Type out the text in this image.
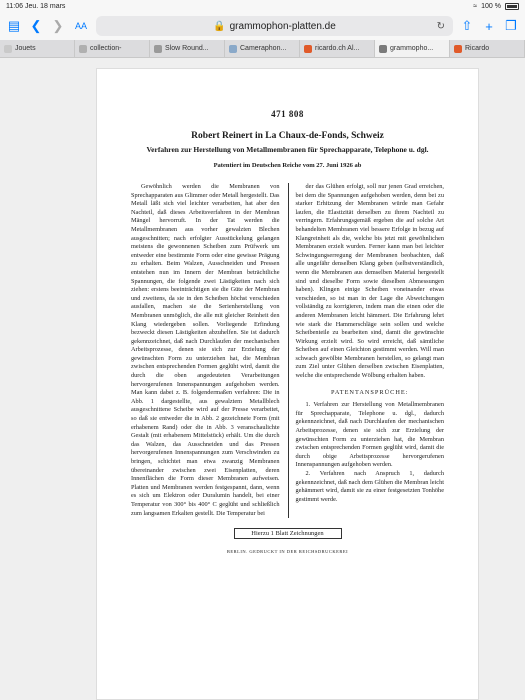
11:06 Jeu. 18 mars	≈ 100 %
▤ ❮ ❯	AA	🔒 grammophon-platten.de	↻ ⇧ + ❐
Jouets	collection-	Slow Round...	Cameraphon...	ricardo.ch Al...	grammopho...	Ricardo
471 808
Robert Reinert in La Chaux-de-Fonds, Schweiz
Verfahren zur Herstellung von Metallmembranen für Sprechapparate, Telephone u. dgl.
Patentiert im Deutschen Reiche vom 27. Juni 1926 ab

Gewöhnlich werden die Membranen von Sprechapparaten aus Glimmer oder Metall hergestellt. Das Metall läßt sich viel leichter verarbeiten, hat aber den Nachteil, daß dieses Arbeitsverfahren in der Membran Mängel hervorruft. In der Tat werden die Metallmembranen aus vorher gewalzten Blechen ausgeschnitten; nach erfolgter Ausstückelung gelangen meistens die gewonnenen Scheiben zum Prüfwerk um entweder eine bestimmte Form oder eine gewisse Prägung zu erhalten. Beim Walzen, Ausschneiden und Pressen entstehen nun im Innern der Membran beträchtliche Spannungen, die folgende zwei Lästigkeiten nach sich ziehen: erstens beeinträchtigen sie die Güte der Membran und zweitens, da sie in den Scheiben höchst verschieden ausfallen, machen sie die Serienherstellung von Membranen unmöglich, die alle mit gleicher Reinheit den Klang wiedergeben sollen. Vorliegende Erfindung bezweckt diesen Lästigkeiten abzuhelfen. Sie ist dadurch gekennzeichnet, daß nach Durchlaufen der mechanischen Arbeitsprozesse, denen sie sich zur Erzielung der gewünschten Form zu unterziehen hat, die Membran zwischen entsprechenden Formen geglüht wird, damit die durch die oben angedeuteten Verarbeitungen hervorgerufenen Innenspannungen aufgehoben werden. Man kann dabei z. B. folgendermaßen verfahren: Die in Abb. 1 dargestellte, aus gewalztem Metallblech ausgeschnittene Scheibe wird auf der Presse verarbeitet, so daß sie entweder die in Abb. 2 gezeichnete Form (mit erhabenem Rand) oder die in Abb. 3 veranschaulichte Gestalt (mit erhabenem Mittelstück) erhält. Um die durch das Walzen, das Ausschneiden und das Pressen hervorgerufenen Innenspannungen zum Verschwinden zu bringen, schichtet man etwa zwanzig Membranen übereinander zwischen zwei Eisenplatten, deren Innenflächen die Form dieser Membranen aufweisen. Platten und Membranen werden festgespannt, dann, wenn es sich um Elektron oder Duralumin handelt, bei einer Temperatur von 300° bis 400° C geglüht und schließlich zum langsamen Erkalten gestellt. Die Temperatur bei

der das Glühen erfolgt, soll nur jenen Grad erreichen, bei dem die Spannungen aufgehoben werden, denn bei zu starker Erhitzung der Membranen würde man Gefahr laufen, die Elastizität derselben zu ihrem Nachteil zu verringern. Erfahrungsgemäß ergeben die auf solche Art behandelten Membranen viel bessere Erfolge in bezug auf Klangreinheit als die, welche bis jetzt mit gewöhnlichen Membranen erzielt wurden. Ferner kann man bei leichter Schwingungserregung der Membranen beobachten, daß alle ungefähr denselben Klang geben (selbstverständlich, wenn die Membranen aus demselben Material hergestellt sind und dieselbe Form sowie dieselben Abmessungen haben). Klingen einige Scheiben voneinander etwas verschieden, so ist man in der Lage die Abweichungen vollständig zu korrigieren, indem man die einen oder die anderen Membranen leicht hämmert. Die Erfahrung lehrt wie stark die Hammerschläge sein sollen und welche Scheibenteile zu bearbeiten sind, damit die gewünschte Wirkung erzielt wird. So wird erreicht, daß sämtliche Scheiben auf einen Gleichton gestimmt werden. Will man schwach gewölbte Membranen herstellen, so gelangt man zum Ziel unter Glühen derselben zwischen Eisenplatten, welche die entsprechende Wölbung erhalten haben.

PATENTANSPRÜCHE:

1. Verfahren zur Herstellung von Metallmembranen für Sprechapparate, Telephone u. dgl., dadurch gekennzeichnet, daß nach Durchlaufen der mechanischen Arbeitsprozesse, denen sie sich zur Erzielung der gewünschten Form zu unterziehen hat, die Membran zwischen entsprechenden Formen geglüht wird, damit die durch obige Arbeitsprozesse hervorgerufenen Innenspannungen aufgehoben werden.

2. Verfahren nach Anspruch 1, dadurch gekennzeichnet, daß nach dem Glühen die Membran leicht gehämmert wird, damit sie zu einer festgesetzten Tonhöhe gestimmt werde.

Hierzu 1 Blatt Zeichnungen
BERLIN. GEDRUCKT IN DER REICHSDRUCKEREI
